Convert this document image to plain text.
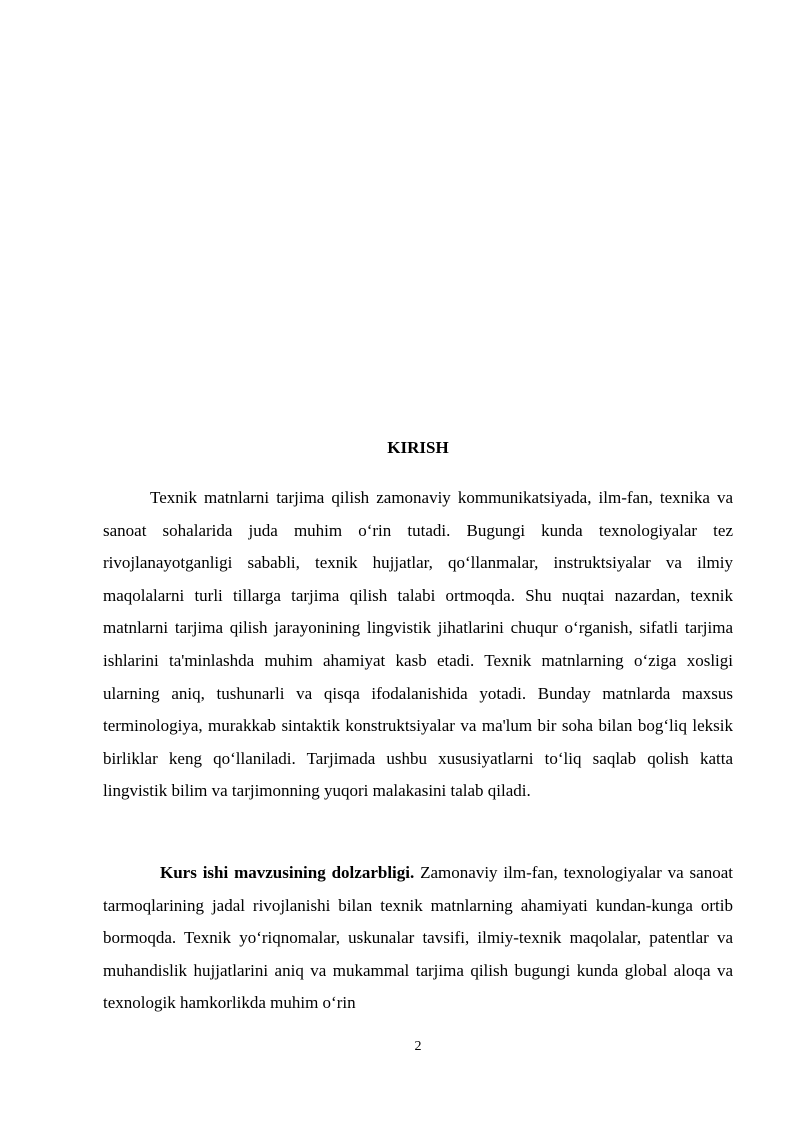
KIRISH

Texnik matnlarni tarjima qilish zamonaviy kommunikatsiyada, ilm-fan, texnika va sanoat sohalarida juda muhim o‘rin tutadi. Bugungi kunda texnologiyalar tez rivojlanayotganligi sababli, texnik hujjatlar, qo‘llanmalar, instruktsiyalar va ilmiy maqolalarni turli tillarga tarjima qilish talabi ortmoqda. Shu nuqtai nazardan, texnik matnlarni tarjima qilish jarayonining lingvistik jihatlarini chuqur o‘rganish, sifatli tarjima ishlarini ta'minlashda muhim ahamiyat kasb etadi. Texnik matnlarning o‘ziga xosligi ularning aniq, tushunarli va qisqa ifodalanishida yotadi. Bunday matnlarda maxsus terminologiya, murakkab sintaktik konstruktsiyalar va ma'lum bir soha bilan bog‘liq leksik birliklar keng qo‘llaniladi. Tarjimada ushbu xususiyatlarni to‘liq saqlab qolish katta lingvistik bilim va tarjimonning yuqori malakasini talab qiladi.

Kurs ishi mavzusining dolzarbligi. Zamonaviy ilm-fan, texnologiyalar va sanoat tarmoqlarining jadal rivojlanishi bilan texnik matnlarning ahamiyati kundan-kunga ortib bormoqda. Texnik yo‘riqnomalar, uskunalar tavsifi, ilmiy-texnik maqolalar, patentlar va muhandislik hujjatlarini aniq va mukammal tarjima qilish bugungi kunda global aloqa va texnologik hamkorlikda muhim o‘rin

2
